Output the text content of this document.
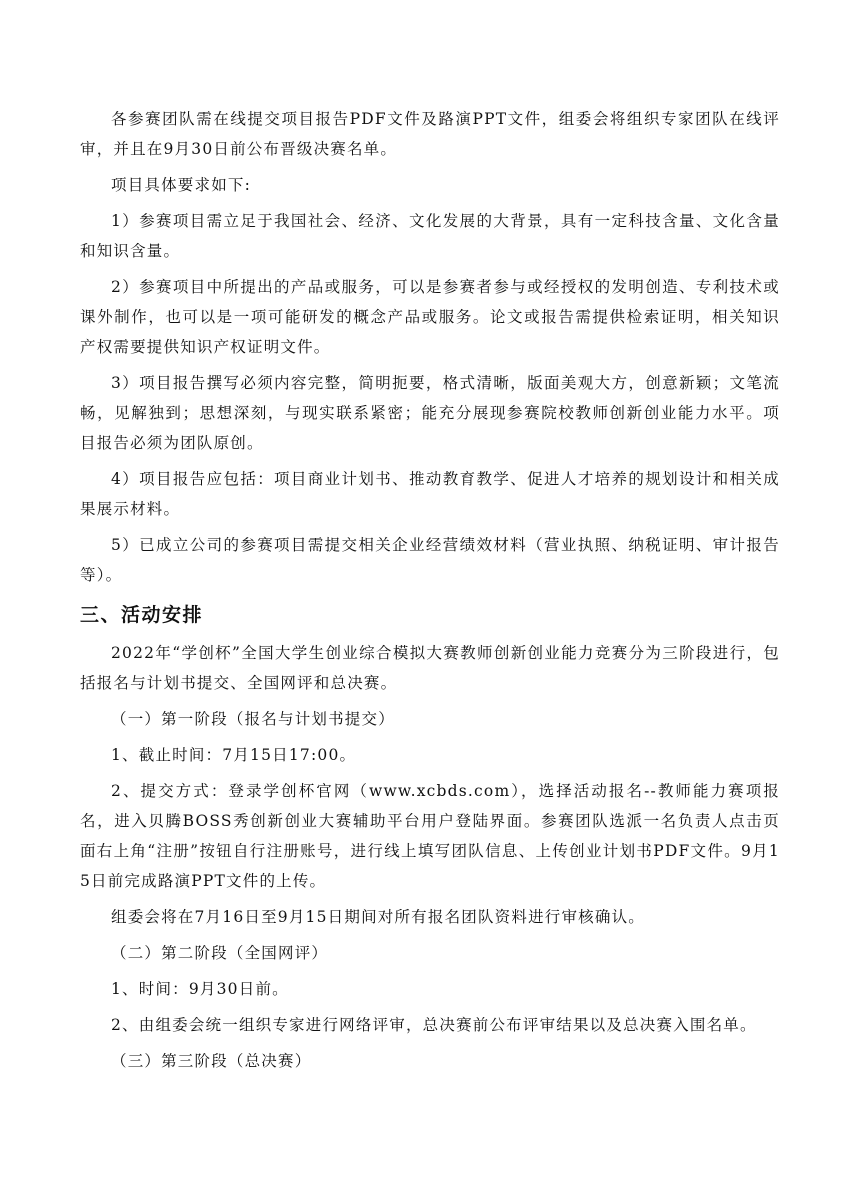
各参赛团队需在线提交项目报告PDF文件及路演PPT文件，组委会将组织专家团队在线评审，并且在9月30日前公布晋级决赛名单。

项目具体要求如下:

1）参赛项目需立足于我国社会、经济、文化发展的大背景，具有一定科技含量、文化含量和知识含量。

2）参赛项目中所提出的产品或服务，可以是参赛者参与或经授权的发明创造、专利技术或课外制作，也可以是一项可能研发的概念产品或服务。论文或报告需提供检索证明，相关知识产权需要提供知识产权证明文件。

3）项目报告撰写必须内容完整，简明扼要，格式清晰，版面美观大方，创意新颖；文笔流畅，见解独到；思想深刻，与现实联系紧密；能充分展现参赛院校教师创新创业能力水平。项目报告必须为团队原创。

4）项目报告应包括：项目商业计划书、推动教育教学、促进人才培养的规划设计和相关成果展示材料。

5）已成立公司的参赛项目需提交相关企业经营绩效材料（营业执照、纳税证明、审计报告等）。

三、活动安排

2022年“学创杯”全国大学生创业综合模拟大赛教师创新创业能力竞赛分为三阶段进行，包括报名与计划书提交、全国网评和总决赛。

（一）第一阶段（报名与计划书提交）

1、截止时间：7月15日17:00。

2、提交方式：登录学创杯官网（www.xcbds.com），选择活动报名--教师能力赛项报名，进入贝腾BOSS秀创新创业大赛辅助平台用户登陆界面。参赛团队选派一名负责人点击页面右上角“注册”按钮自行注册账号，进行线上填写团队信息、上传创业计划书PDF文件。9月15日前完成路演PPT文件的上传。

组委会将在7月16日至9月15日期间对所有报名团队资料进行审核确认。

（二）第二阶段（全国网评）

1、时间：9月30日前。

2、由组委会统一组织专家进行网络评审，总决赛前公布评审结果以及总决赛入围名单。

（三）第三阶段（总决赛）
